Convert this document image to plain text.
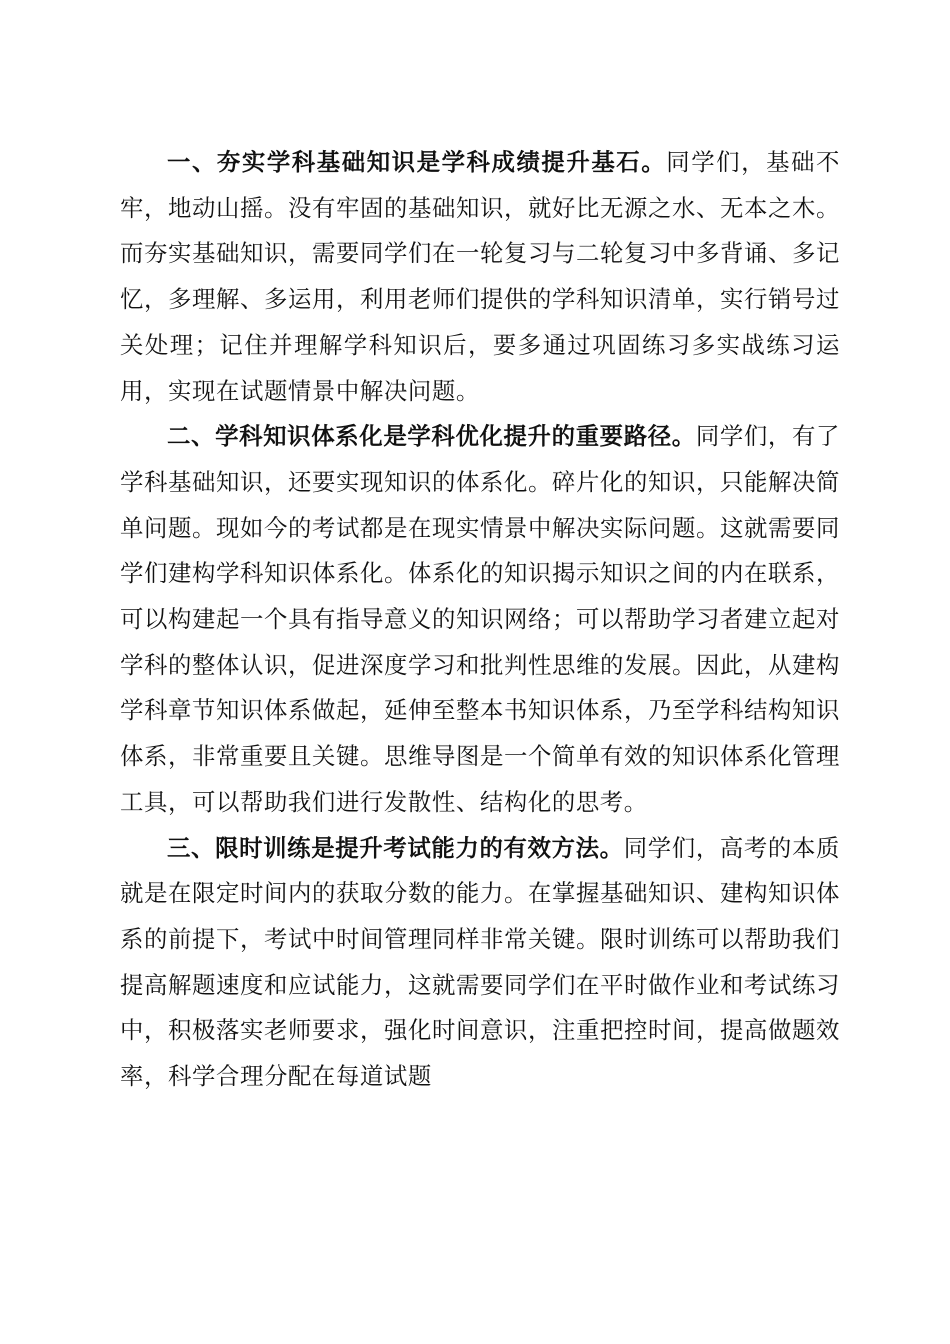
一、夯实学科基础知识是学科成绩提升基石。同学们，基础不牢，地动山摇。没有牢固的基础知识，就好比无源之水、无本之木。而夯实基础知识，需要同学们在一轮复习与二轮复习中多背诵、多记忆，多理解、多运用，利用老师们提供的学科知识清单，实行销号过关处理；记住并理解学科知识后，要多通过巩固练习多实战练习运用，实现在试题情景中解决问题。

二、学科知识体系化是学科优化提升的重要路径。同学们，有了学科基础知识，还要实现知识的体系化。碎片化的知识，只能解决简单问题。现如今的考试都是在现实情景中解决实际问题。这就需要同学们建构学科知识体系化。体系化的知识揭示知识之间的内在联系，可以构建起一个具有指导意义的知识网络；可以帮助学习者建立起对学科的整体认识，促进深度学习和批判性思维的发展。因此，从建构学科章节知识体系做起，延伸至整本书知识体系，乃至学科结构知识体系，非常重要且关键。思维导图是一个简单有效的知识体系化管理工具，可以帮助我们进行发散性、结构化的思考。

三、限时训练是提升考试能力的有效方法。同学们，高考的本质就是在限定时间内的获取分数的能力。在掌握基础知识、建构知识体系的前提下，考试中时间管理同样非常关键。限时训练可以帮助我们提高解题速度和应试能力，这就需要同学们在平时做作业和考试练习中，积极落实老师要求，强化时间意识，注重把控时间，提高做题效率，科学合理分配在每道试题
